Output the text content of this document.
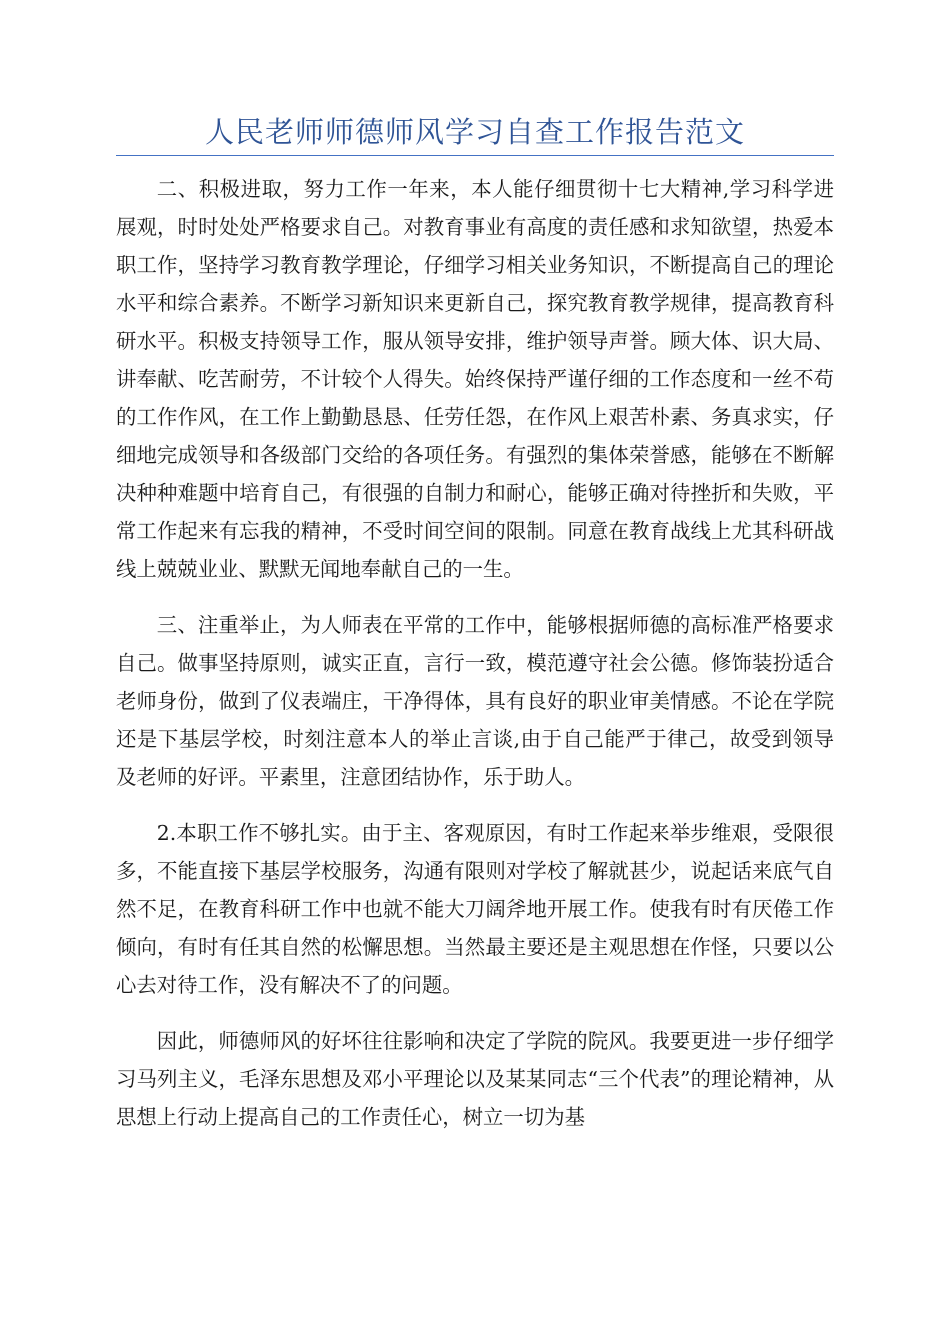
人民老师师德师风学习自查工作报告范文

二、积极进取，努力工作一年来，本人能仔细贯彻十七大精神,学习科学进展观，时时处处严格要求自己。对教育事业有高度的责任感和求知欲望，热爱本职工作，坚持学习教育教学理论，仔细学习相关业务知识，不断提高自己的理论水平和综合素养。不断学习新知识来更新自己，探究教育教学规律，提高教育科研水平。积极支持领导工作，服从领导安排，维护领导声誉。顾大体、识大局、讲奉献、吃苦耐劳，不计较个人得失。始终保持严谨仔细的工作态度和一丝不苟的工作作风，在工作上勤勤恳恳、任劳任怨，在作风上艰苦朴素、务真求实，仔细地完成领导和各级部门交给的各项任务。有强烈的集体荣誉感，能够在不断解决种种难题中培育自己，有很强的自制力和耐心，能够正确对待挫折和失败，平常工作起来有忘我的精神，不受时间空间的限制。同意在教育战线上尤其科研战线上兢兢业业、默默无闻地奉献自己的一生。

三、注重举止，为人师表在平常的工作中，能够根据师德的高标准严格要求自己。做事坚持原则，诚实正直，言行一致，模范遵守社会公德。修饰装扮适合老师身份，做到了仪表端庄，干净得体，具有良好的职业审美情感。不论在学院还是下基层学校，时刻注意本人的举止言谈,由于自己能严于律己，故受到领导及老师的好评。平素里，注意团结协作，乐于助人。

2.本职工作不够扎实。由于主、客观原因，有时工作起来举步维艰，受限很多，不能直接下基层学校服务，沟通有限则对学校了解就甚少，说起话来底气自然不足，在教育科研工作中也就不能大刀阔斧地开展工作。使我有时有厌倦工作倾向，有时有任其自然的松懈思想。当然最主要还是主观思想在作怪，只要以公心去对待工作，没有解决不了的问题。

因此，师德师风的好坏往往影响和决定了学院的院风。我要更进一步仔细学习马列主义，毛泽东思想及邓小平理论以及某某同志“三个代表”的理论精神，从思想上行动上提高自己的工作责任心，树立一切为基
